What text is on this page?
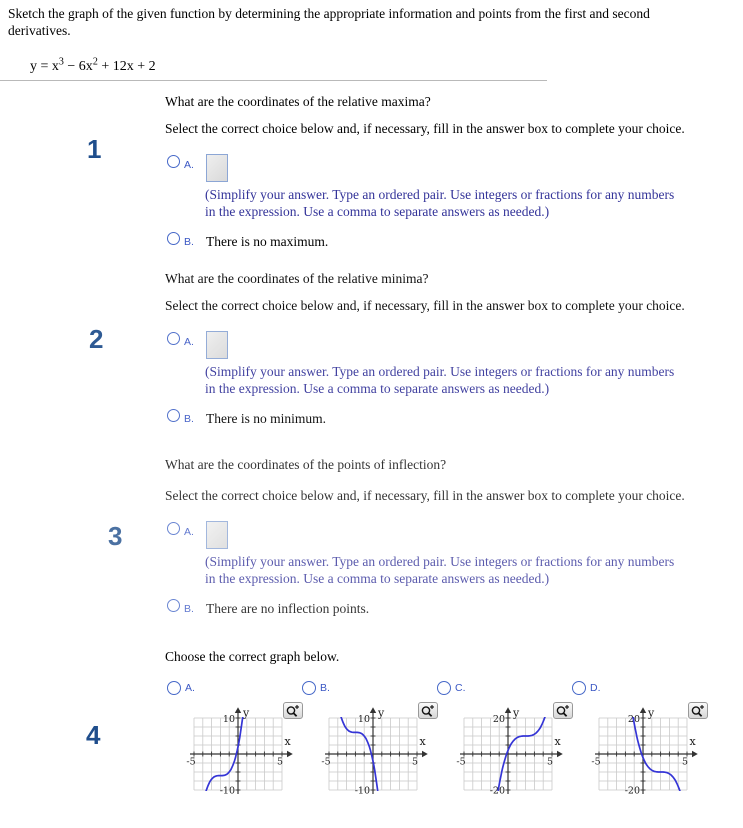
Sketch the graph of the given function by determining the appropriate information and points from the first and second derivatives.
$y = x^3 - 6x^2 + 12x + 2$
1
What are the coordinates of the relative maxima?
Select the correct choice below and, if necessary, fill in the answer box to complete your choice.
A.
(Simplify your answer. Type an ordered pair. Use integers or fractions for any numbers in the expression. Use a comma to separate answers as needed.)
B. There is no maximum.
2
What are the coordinates of the relative minima?
Select the correct choice below and, if necessary, fill in the answer box to complete your choice.
A.
(Simplify your answer. Type an ordered pair. Use integers or fractions for any numbers in the expression. Use a comma to separate answers as needed.)
B. There is no minimum.
3
What are the coordinates of the points of inflection?
Select the correct choice below and, if necessary, fill in the answer box to complete your choice.
A.
(Simplify your answer. Type an ordered pair. Use integers or fractions for any numbers in the expression. Use a comma to separate answers as needed.)
B. There are no inflection points.
4
Choose the correct graph below.
A.
10
-10
-5	5
y
x
B.
10
-10
-5	5
y
x
C.
20
-20
-5	5
y
x
D.
20
-20
-5	5
y
x
